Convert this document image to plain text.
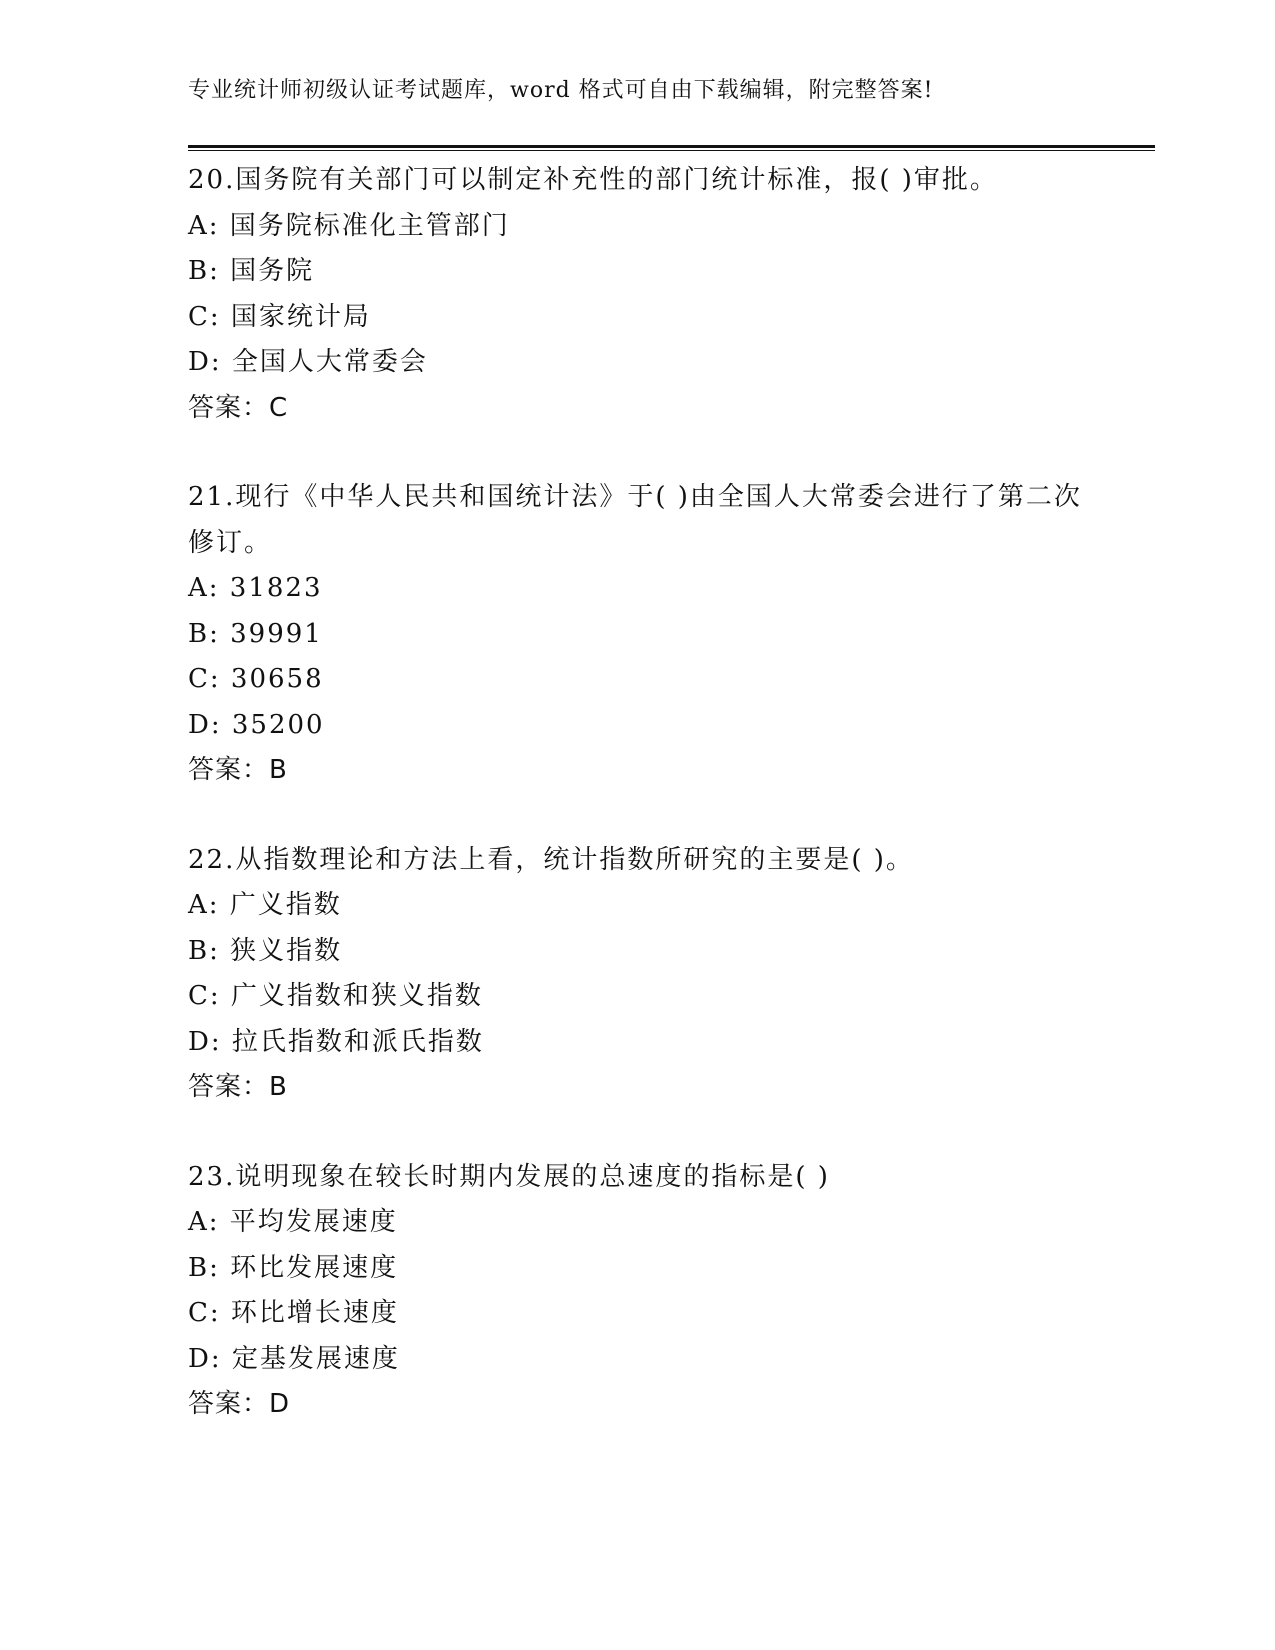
专业统计师初级认证考试题库，word 格式可自由下载编辑，附完整答案!
20.国务院有关部门可以制定补充性的部门统计标准，报( )审批。
A: 国务院标准化主管部门
B: 国务院
C: 国家统计局
D: 全国人大常委会
答案：C
21.现行《中华人民共和国统计法》于( )由全国人大常委会进行了第二次修订。
A: 31823
B: 39991
C: 30658
D: 35200
答案：B
22.从指数理论和方法上看，统计指数所研究的主要是( )。
A: 广义指数
B: 狭义指数
C: 广义指数和狭义指数
D: 拉氏指数和派氏指数
答案：B
23.说明现象在较长时期内发展的总速度的指标是( )
A: 平均发展速度
B: 环比发展速度
C: 环比增长速度
D: 定基发展速度
答案：D
